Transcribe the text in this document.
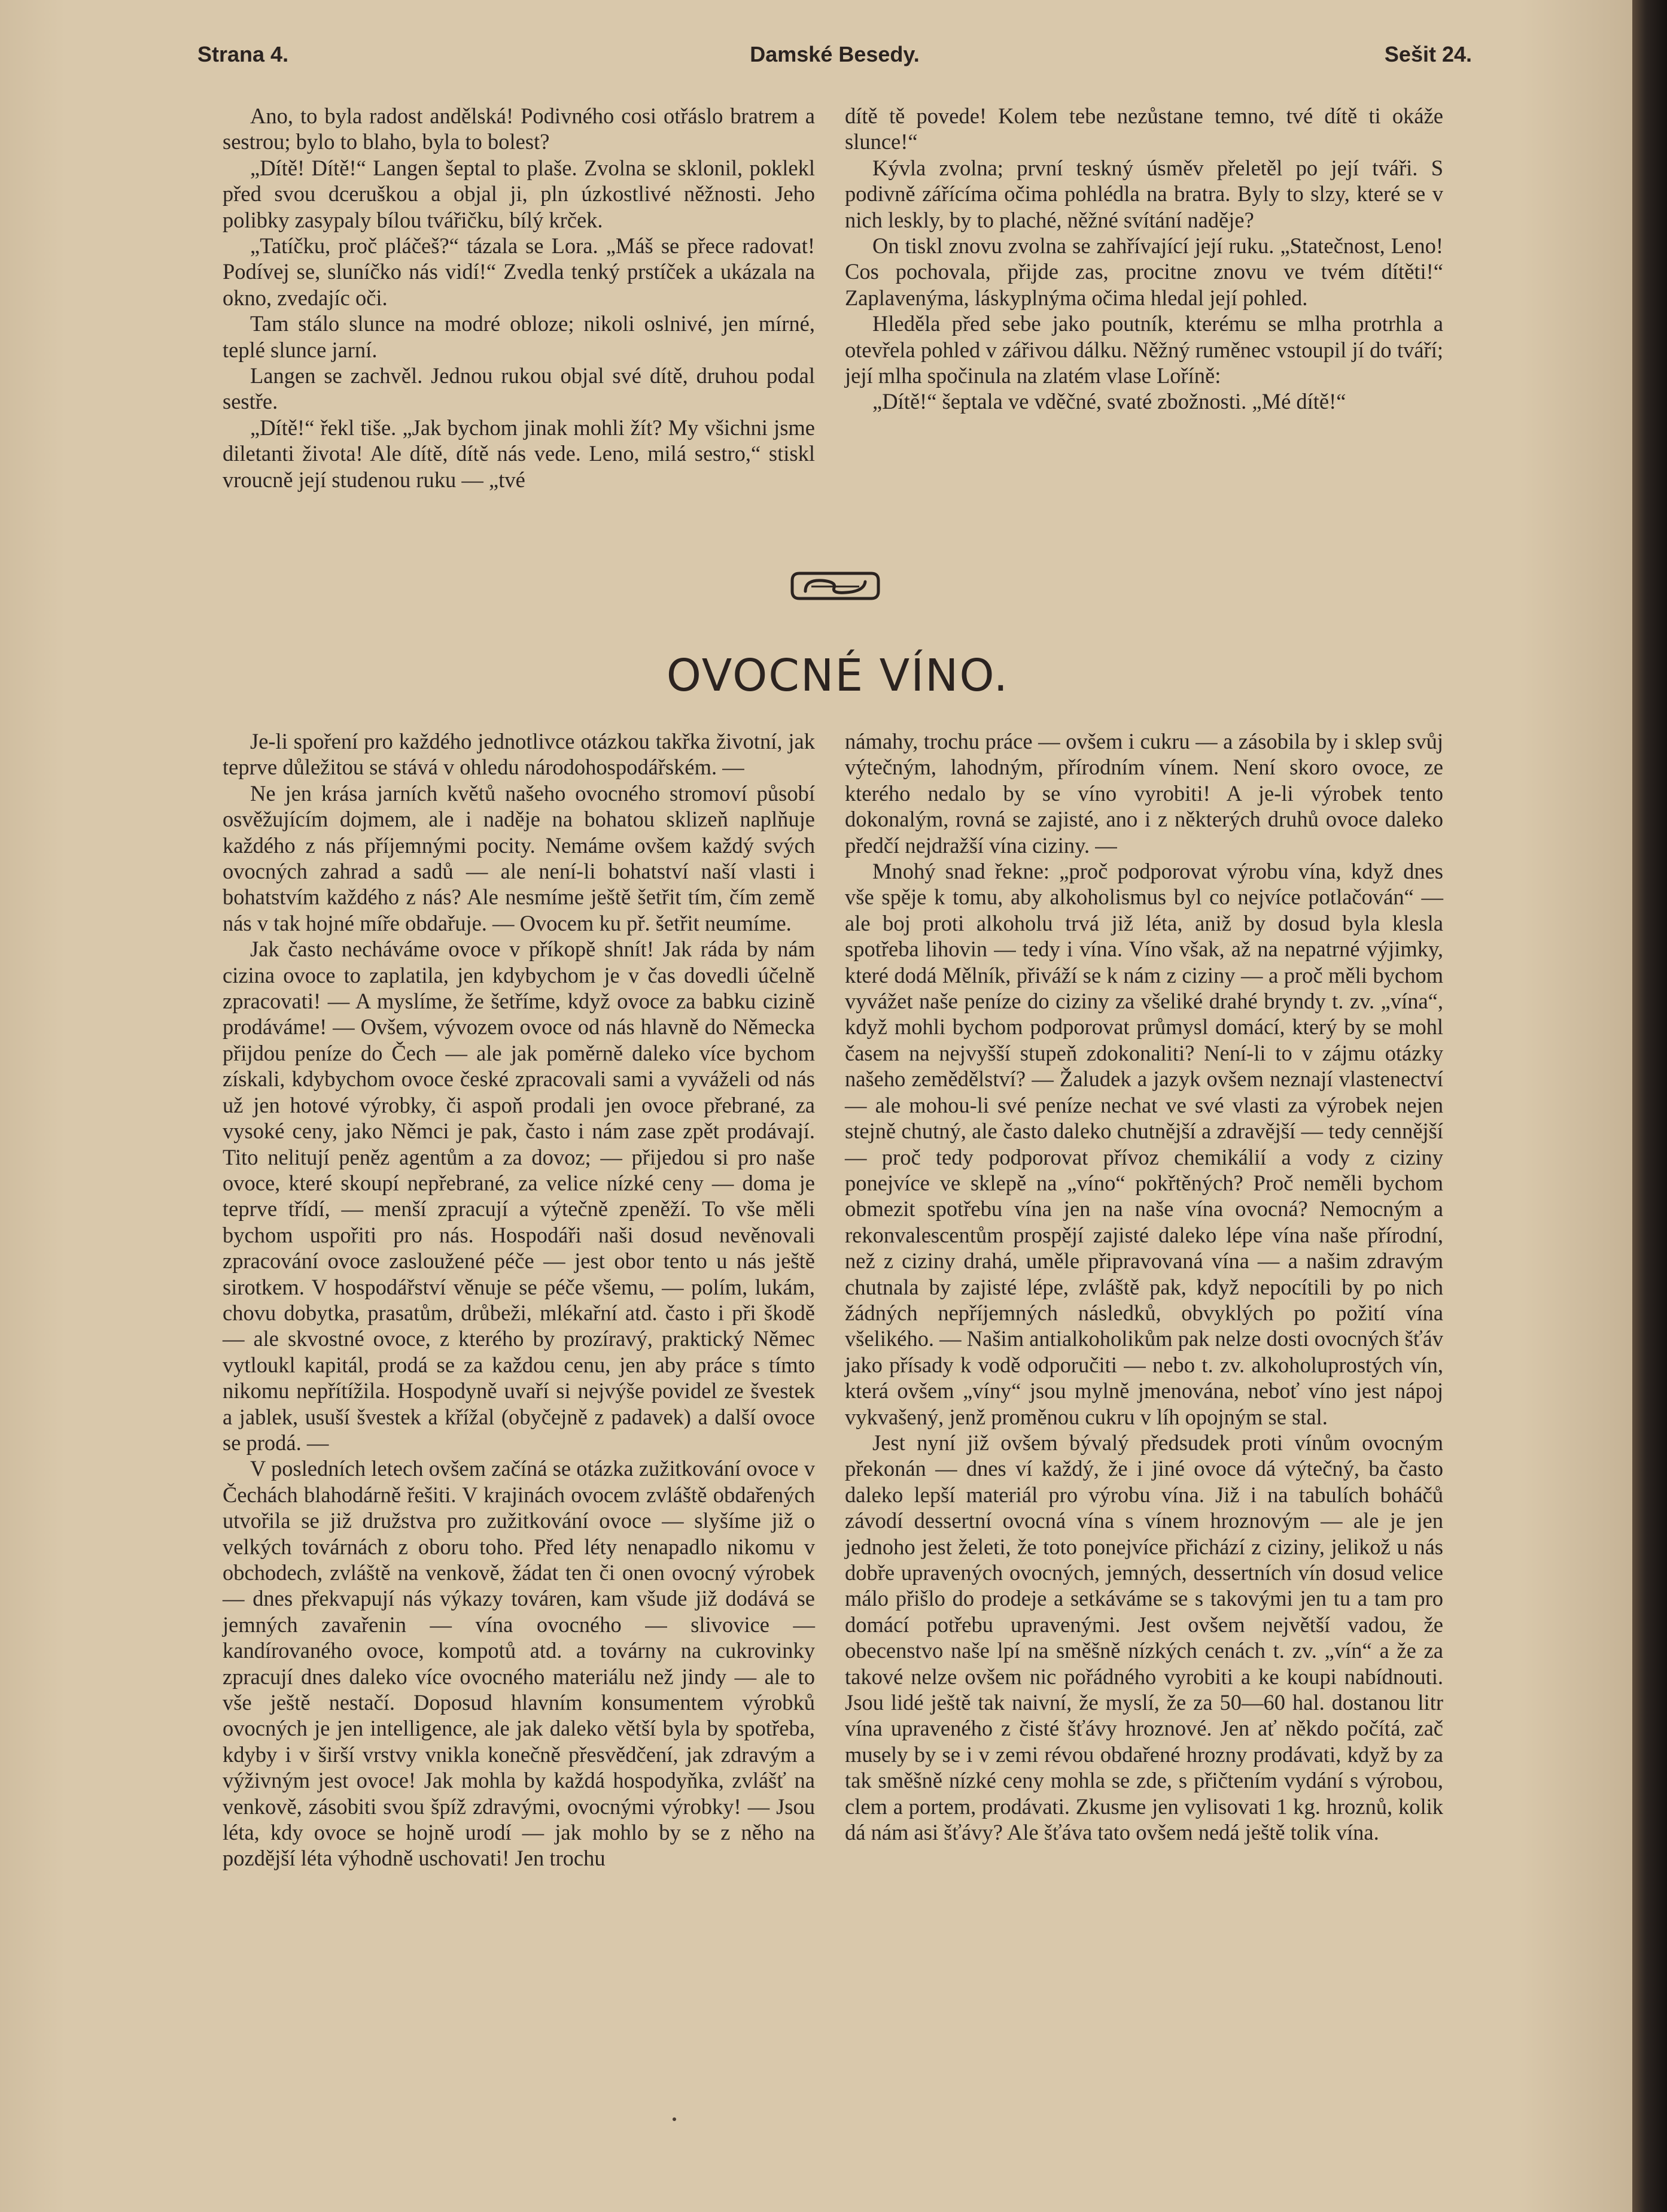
Strana 4.	Damské Besedy.	Sešit 24.

Ano, to byla radost andělská! Podivného cosi otřáslo bratrem a sestrou; bylo to blaho, byla to bolest?

„Dítě! Dítě!“ Langen šeptal to plaše. Zvolna se sklonil, poklekl před svou dceruškou a objal ji, pln úzkostlivé něžnosti. Jeho polibky zasypaly bílou tvářičku, bílý krček.

„Tatíčku, proč pláčeš?“ tázala se Lora. „Máš se přece radovat! Podívej se, sluníčko nás vidí!“ Zvedla tenký prstíček a ukázala na okno, zvedajíc oči.

Tam stálo slunce na modré obloze; nikoli oslnivé, jen mírné, teplé slunce jarní.

Langen se zachvěl. Jednou rukou objal své dítě, druhou podal sestře.

„Dítě!“ řekl tiše. „Jak bychom jinak mohli žít? My všichni jsme diletanti života! Ale dítě, dítě nás vede. Leno, milá sestro,“ stiskl vroucně její studenou ruku — „tvé

dítě tě povede! Kolem tebe nezůstane temno, tvé dítě ti okáže slunce!“

Kývla zvolna; první teskný úsměv přeletěl po její tváři. S podivně zářícíma očima pohlédla na bratra. Byly to slzy, které se v nich leskly, by to plaché, něžné svítání naděje?

On tiskl znovu zvolna se zahřívající její ruku. „Statečnost, Leno! Cos pochovala, přijde zas, procitne znovu ve tvém dítěti!“ Zaplavenýma, láskyplnýma očima hledal její pohled.

Hleděla před sebe jako poutník, kterému se mlha protrhla a otevřela pohled v zářivou dálku. Něžný ruměnec vstoupil jí do tváří; její mlha spočinula na zlatém vlase Loříně:

„Dítě!“ šeptala ve vděčné, svaté zbožnosti. „Mé dítě!“

OVOCNÉ VÍNO.

Je-li spoření pro každého jednotlivce otázkou takřka životní, jak teprve důležitou se stává v ohledu národohospodářském. —

Ne jen krása jarních květů našeho ovocného stromoví působí osvěžujícím dojmem, ale i naděje na bohatou sklizeň naplňuje každého z nás příjemnými pocity. Nemáme ovšem každý svých ovocných zahrad a sadů — ale není-li bohatství naší vlasti i bohatstvím každého z nás? Ale nesmíme ještě šetřit tím, čím země nás v tak hojné míře obdařuje. — Ovocem ku př. šetřit neumíme.

Jak často necháváme ovoce v příkopě shnít! Jak ráda by nám cizina ovoce to zaplatila, jen kdybychom je v čas dovedli účelně zpracovati! — A myslíme, že šetříme, když ovoce za babku cizině prodáváme! — Ovšem, vývozem ovoce od nás hlavně do Německa přijdou peníze do Čech — ale jak poměrně daleko více bychom získali, kdybychom ovoce české zpracovali sami a vyváželi od nás už jen hotové výrobky, či aspoň prodali jen ovoce přebrané, za vysoké ceny, jako Němci je pak, často i nám zase zpět prodávají. Tito nelitují peněz agentům a za dovoz; — přijedou si pro naše ovoce, které skoupí nepřebrané, za velice nízké ceny — doma je teprve třídí, — menší zpracují a výtečně zpeněží. To vše měli bychom uspořiti pro nás. Hospodáři naši dosud nevěnovali zpracování ovoce zasloužené péče — jest obor tento u nás ještě sirotkem. V hospodářství věnuje se péče všemu, — polím, lukám, chovu dobytka, prasatům, drůbeži, mlékařní atd. často i při škodě — ale skvostné ovoce, z kterého by prozíravý, praktický Němec vytloukl kapitál, prodá se za každou cenu, jen aby práce s tímto nikomu nepřítížila. Hospodyně uvaří si nejvýše povidel ze švestek a jablek, usuší švestek a křížal (obyčejně z padavek) a další ovoce se prodá. —

V posledních letech ovšem začíná se otázka zužitkování ovoce v Čechách blahodárně řešiti. V krajinách ovocem zvláště obdařených utvořila se již družstva pro zužitkování ovoce — slyšíme již o velkých továrnách z oboru toho. Před léty nenapadlo nikomu v obchodech, zvláště na venkově, žádat ten či onen ovocný výrobek — dnes překvapují nás výkazy továren, kam všude již dodává se jemných zavařenin — vína ovocného — slivovice — kandírovaného ovoce, kompotů atd. a továrny na cukrovinky zpracují dnes daleko více ovocného materiálu než jindy — ale to vše ještě nestačí. Doposud hlavním konsumentem výrobků ovocných je jen intelligence, ale jak daleko větší byla by spotřeba, kdyby i v širší vrstvy vnikla konečně přesvědčení, jak zdravým a výživným jest ovoce! Jak mohla by každá hospodyňka, zvlášť na venkově, zásobiti svou špíž zdravými, ovocnými výrobky! — Jsou léta, kdy ovoce se hojně urodí — jak mohlo by se z něho na pozdější léta výhodně uschovati! Jen trochu

námahy, trochu práce — ovšem i cukru — a zásobila by i sklep svůj výtečným, lahodným, přírodním vínem. Není skoro ovoce, ze kterého nedalo by se víno vyrobiti! A je-li výrobek tento dokonalým, rovná se zajisté, ano i z některých druhů ovoce daleko předčí nejdražší vína ciziny. —

Mnohý snad řekne: „proč podporovat výrobu vína, když dnes vše spěje k tomu, aby alkoholismus byl co nejvíce potlačován“ — ale boj proti alkoholu trvá již léta, aniž by dosud byla klesla spotřeba lihovin — tedy i vína. Víno však, až na nepatrné výjimky, které dodá Mělník, přiváží se k nám z ciziny — a proč měli bychom vyvážet naše peníze do ciziny za všeliké drahé bryndy t. zv. „vína“, když mohli bychom podporovat průmysl domácí, který by se mohl časem na nejvyšší stupeň zdokonaliti? Není-li to v zájmu otázky našeho zemědělství? — Žaludek a jazyk ovšem neznají vlastenectví — ale mohou-li své peníze nechat ve své vlasti za výrobek nejen stejně chutný, ale často daleko chutnější a zdravější — tedy cennější — proč tedy podporovat přívoz chemikálií a vody z ciziny ponejvíce ve sklepě na „víno“ pokřtěných? Proč neměli bychom obmezit spotřebu vína jen na naše vína ovocná? Nemocným a rekonvalescentům prospějí zajisté daleko lépe vína naše přírodní, než z ciziny drahá, uměle připravovaná vína — a našim zdravým chutnala by zajisté lépe, zvláště pak, když nepocítili by po nich žádných nepříjemných následků, obvyklých po požití vína všelikého. — Našim antialkoholikům pak nelze dosti ovocných šťáv jako přísady k vodě odporučiti — nebo t. zv. alkoholuprostých vín, která ovšem „víny“ jsou mylně jmenována, neboť víno jest nápoj vykvašený, jenž proměnou cukru v líh opojným se stal.

Jest nyní již ovšem bývalý předsudek proti vínům ovocným překonán — dnes ví každý, že i jiné ovoce dá výtečný, ba často daleko lepší materiál pro výrobu vína. Již i na tabulích boháčů závodí dessertní ovocná vína s vínem hroznovým — ale je jen jednoho jest želeti, že toto ponejvíce přichází z ciziny, jelikož u nás dobře upravených ovocných, jemných, dessertních vín dosud velice málo přišlo do prodeje a setkáváme se s takovými jen tu a tam pro domácí potřebu upravenými. Jest ovšem největší vadou, že obecenstvo naše lpí na směšně nízkých cenách t. zv. „vín“ a že za takové nelze ovšem nic pořádného vyrobiti a ke koupi nabídnouti. Jsou lidé ještě tak naivní, že myslí, že za 50—60 hal. dostanou litr vína upraveného z čisté šťávy hroznové. Jen ať někdo počítá, zač musely by se i v zemi révou obdařené hrozny prodávati, když by za tak směšně nízké ceny mohla se zde, s přičtením vydání s výrobou, clem a portem, prodávati. Zkusme jen vylisovati 1 kg. hroznů, kolik dá nám asi šťávy? Ale šťáva tato ovšem nedá ještě tolik vína.
